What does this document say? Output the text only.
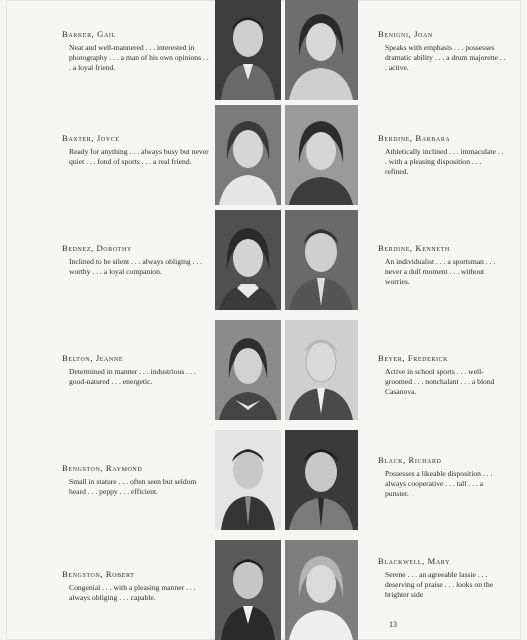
Barker, Gail
Neat and well-mannered . . . interested in photography . . . a man of his own opinions . . . a loyal friend.
Baxter, Joyce
Ready for anything . . . always busy but never quiet . . . fond of sports . . . a real friend.
Bednez, Dorothy
Inclined to be silent . . . always obliging . . . worthy . . . a loyal companion.
Belton, Jeanne
Determined in manner . . . industrious . . . good-natured . . . energetic.
Bengston, Raymond
Small in stature . . . often seen but seldom heard . . . peppy . . . efficient.
Bengston, Robert
Congenial . . . with a pleasing manner . . . always obliging . . . capable.
Benigni, Joan
Speaks with emphasis . . . possesses dramatic ability . . . a drum majorette . . . active.
Berdine, Barbara
Athletically inclined . . . immaculate . . . with a pleasing disposition . . . refined.
Berdine, Kenneth
An individualist . . . a sportsman . . . never a dull moment . . . without worries.
Beyer, Frederick
Active in school sports . . . well-groomed . . . nonchalant . . . a blond Casanova.
Black, Richard
Possesses a likeable disposition . . . always cooperative . . . tall . . . a punster.
Blackwell, Mary
Serene . . . an agreeable lassie . . . deserving of praise . . . looks on the brighter side
13
